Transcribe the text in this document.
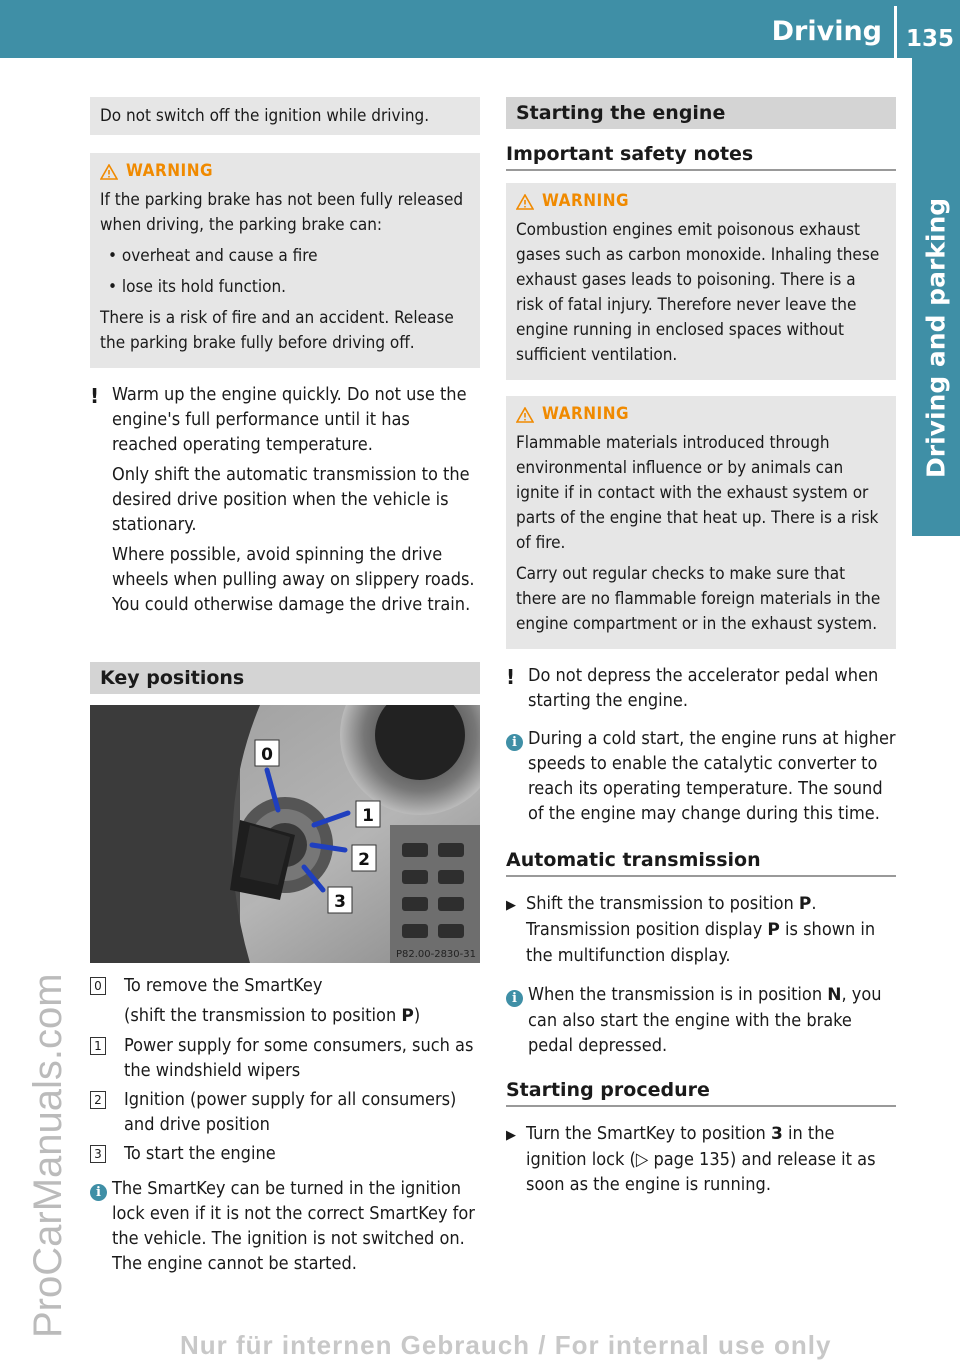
Driving 135
Driving and parking
ProCarManuals.com
Nur für internen Gebrauch / For internal use only
Do not switch off the ignition while driving.
WARNING

If the parking brake has not been fully released when driving, the parking brake can:

• overheat and cause a fire
• lose its hold function.

There is a risk of fire and an accident. Release the parking brake fully before driving off.

! Warm up the engine quickly. Do not use the engine's full performance until it has reached operating temperature.

Only shift the automatic transmission to the desired drive position when the vehicle is stationary.

Where possible, avoid spinning the drive wheels when pulling away on slippery roads. You could otherwise damage the drive train.

Key positions
0
1
2
3
P82.00-2830-31
0 To remove the SmartKey
(shift the transmission to position P)
1 Power supply for some consumers, such as the windshield wipers
2 Ignition (power supply for all consumers) and drive position
3 To start the engine
i The SmartKey can be turned in the ignition lock even if it is not the correct SmartKey for the vehicle. The ignition is not switched on. The engine cannot be started.

Starting the engine
Important safety notes
WARNING

Combustion engines emit poisonous exhaust gases such as carbon monoxide. Inhaling these exhaust gases leads to poisoning. There is a risk of fatal injury. Therefore never leave the engine running in enclosed spaces without sufficient ventilation.

WARNING

Flammable materials introduced through environmental influence or by animals can ignite if in contact with the exhaust system or parts of the engine that heat up. There is a risk of fire.

Carry out regular checks to make sure that there are no flammable foreign materials in the engine compartment or in the exhaust system.

! Do not depress the accelerator pedal when starting the engine.

i During a cold start, the engine runs at higher speeds to enable the catalytic converter to reach its operating temperature. The sound of the engine may change during this time.

Automatic transmission
▶ Shift the transmission to position P. Transmission position display P is shown in the multifunction display.

i When the transmission is in position N, you can also start the engine with the brake pedal depressed.

Starting procedure
▶ Turn the SmartKey to position 3 in the ignition lock (▷ page 135) and release it as soon as the engine is running.
